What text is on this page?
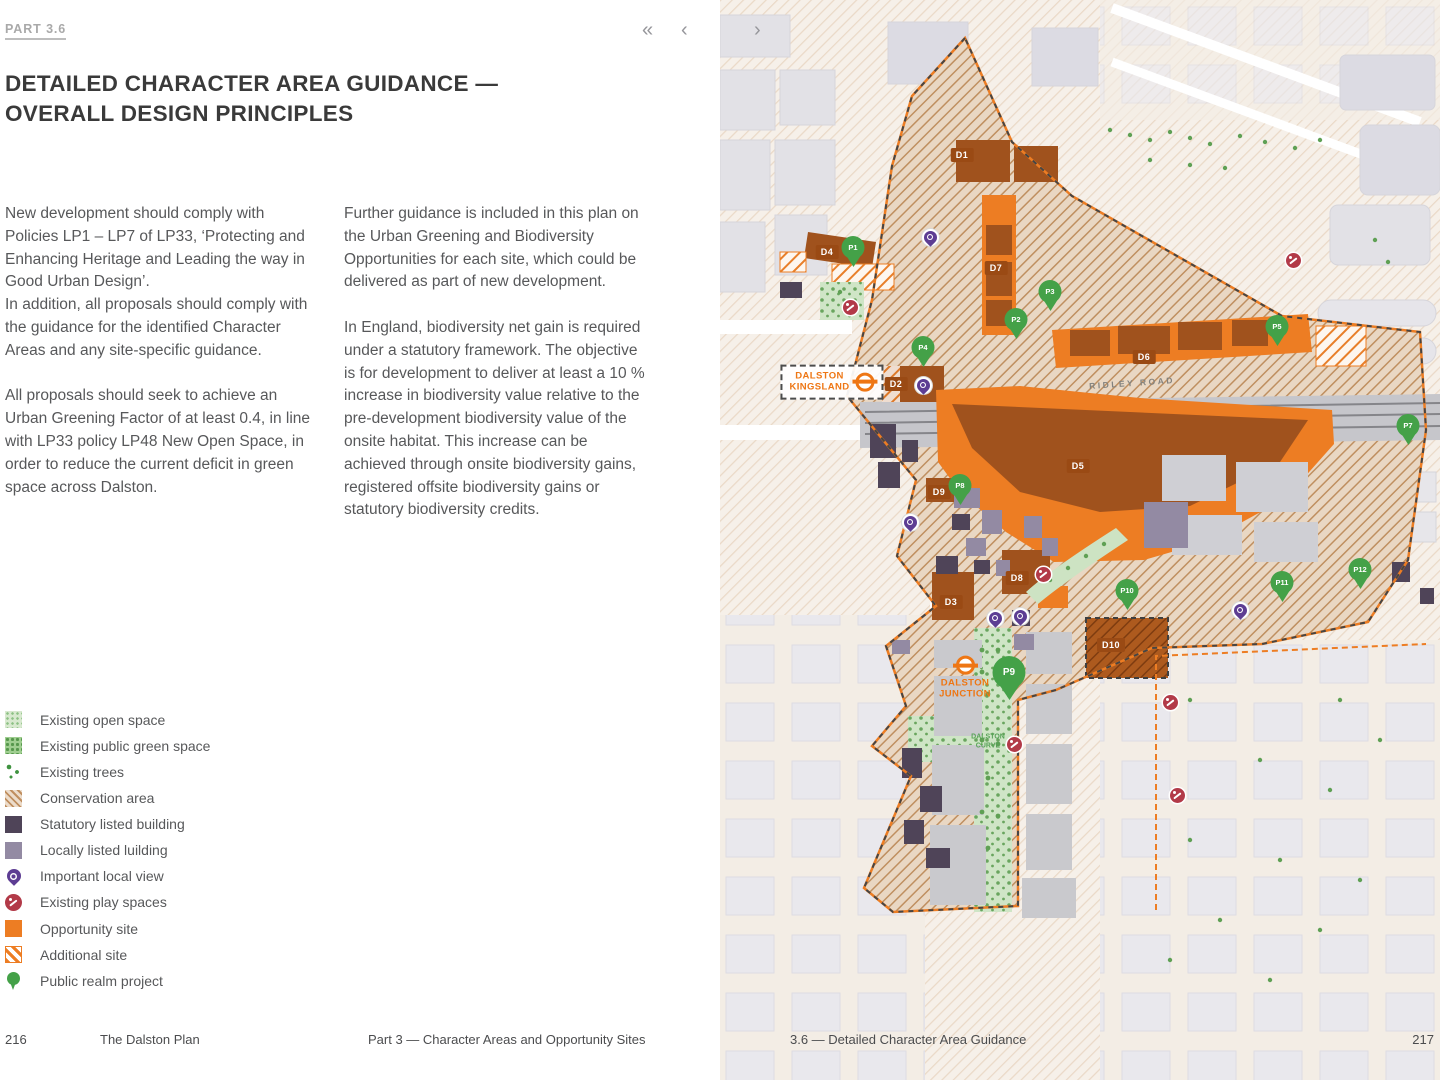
RIDLEY ROAD
DALSTON CURVE
D1
D4
D7
D2
D6
D5
D9
D8
D3
D10
P1
P2
P3
P4
P5
P7
P8
P9
P10
P11
P12
DALSTON
KINGSLAND
DALSTON
JUNCTION
PART 3.6
DETAILED CHARACTER AREA GUIDANCE — OVERALL DESIGN PRINCIPLES

New development should comply with Policies LP1 – LP7 of LP33, ‘Protecting and Enhancing Heritage and Leading the way in Good Urban Design’.

In addition, all proposals should comply with the guidance for the identified Character Areas and any site-specific guidance.

All proposals should seek to achieve an Urban Greening Factor of at least 0.4, in line with LP33 policy LP48 New Open Space, in order to reduce the current deficit in green space across Dalston.

Further guidance is included in this plan on the Urban Greening and Biodiversity Opportunities for each site, which could be delivered as part of new development.

In England, biodiversity net gain is required under a statutory framework. The objective is for development to deliver at least a 10 % increase in biodiversity value relative to the pre-development biodiversity value of the onsite habitat. This increase can be achieved through onsite biodiversity gains, registered offsite biodiversity gains or statutory biodiversity credits.

Existing open space
Existing public green space
Existing trees
Conservation area
Statutory listed building
Locally listed luilding
Important local view
Existing play spaces
Opportunity site
Additional site
Public realm project
« ‹	›
216	The Dalston Plan	Part 3 — Character Areas and Opportunity Sites	3.6 — Detailed Character Area Guidance	217
